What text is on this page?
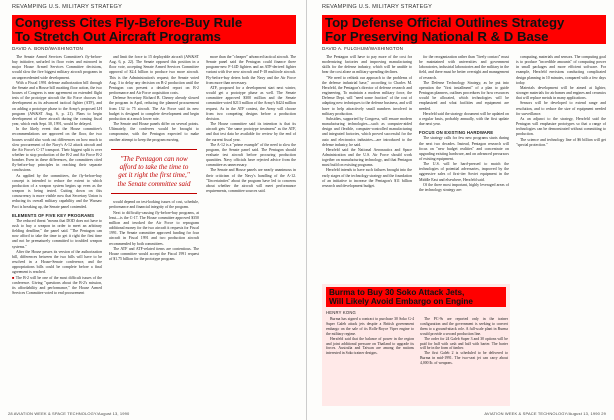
REVAMPING U.S. MILITARY STRATEGY
Congress Cites Fly-Before-Buy Rule
To Stretch Out Aircraft Programs
DAVID A. BOND/WASHINGTON

The Senate Armed Services Committee's fly-before-buy initiative, unfurled in floor votes and mirrored in major House Armed Services Committee decisions, would slow the five biggest military aircraft programs in an unprecedented wide development.

With a Fiscal 1991 defense authorization bill through the Senate and a House bill awaiting floor action, the two houses of Congress is near agreement on extended flight tests of the prototype aircraft the Air Force chooses for development as its advanced tactical fighter (ATF), and on adding a prototype phase to the Army's proposed LH program (AW&ST Aug. 6, p. 21). Plans to begin development of three aircraft during the coming fiscal year, which ends Sept. 30, 1991, would be delayed.

In the likely event that the House committee's recommendations are approved on the floor, the two houses would also work out differences on how much to slow procurement of the Navy's A-12 attack aircraft and the Air Force's C-17 transport. Their biggest split is over whether to stop production of the B-2 and Air Force B-2 bomber. Even in these differences, the committees cited fly-before-buy principles in reaching their separate conclusions.

As applied by the committees, the fly-before-buy concept is intended to reduce the extent to which production of a weapon system begins up even as the weapon is being tested. Cutting down on this concurrency is more visible now that Secretary Union is reducing its overall military capability and the Warsaw Pact is breaking up, the Senate panel contended.

ELEMENTS OF FIVE KEY PROGRAMS

The reduced threat "means that DOD does not have to rush to buy a weapon in order to meet an arbitrary fielding deadline," the panel said. "The Pentagon can now afford to take the time to get it right the first time and not be prematurely committed to troubled weapon systems."

After the House passes its version of the authorization bill, differences between the two bills will have to be resolved in a House-Senate conference, and the appropriations bills could be complete before a final agreement is reached.

■ The B-2 will be one of the most difficult issues of the conference. Giving "questions about the B-2's mission, its affordability and performance," the House Armed Services Committee voted to end procurement

and limit the force to 15 deployable aircraft (AW&ST Aug. 6, p. 22). The Senate opposed this position in a floor vote, accepting Senate Armed Services Committee approval of $2.4 billion to produce two more aircraft. This is the Administration's request; the Senate voted Aug. 3 to delay any decision on B-2 production until the Pentagon can present a detailed report on B-2 performance and Air Force acquisition costs.

Defense Secretary Richard B. Cheney already slowed the program in April, reducing the planned procurement from 132 to 75 aircraft. The Air Force said its new budget is designed to complete development and begin production at a much lower rate.

The Senate and House panels differ on several points. Ultimately, the conferees would be brought to compromise, with the Pentagon expected to make another attempt to keep the program moving.

"The Pentagon can now afford to take the time to get it right the first time," the Senate committee said

would depend on test-looking issues of cost, schedule, performance and financial integrity of the program.

Next to difficulty-causing fly-before-buy programs, at least—is the C-17. The House committee approved $350 million and invoked the Air Force to reprogram additional money for the two aircraft it requests for Fiscal 1991. The Senate committee approved funding for four aircraft in Fiscal 1991 and two production aircraft recommended by both committees.

The ATF and ATF-related items are contentious. The House committee would accept the Fiscal 1991 request of $1.75 billion for the prototype program.

more than the "cheaper" advanced tactical aircraft. The Senate panel said the Pentagon could finance three program-new F-14D fighters and an ATF-derived fighter variant with five new aircraft and F-18 multirole aircraft. Fly-before-buy deters both the Navy and the Air Force from more than necessary.

ATF, proposed for a development start next winter, would get a prototype phase as well. The Senate committee approved $300 million and the Senate committee voted $213 million of the Army's $424 million request. As in the ATF contest, the Army will choose from two competing designs before a production decision.

The House committee said its intention is that its aircraft gets "the same prototype treatment" as the ATF, and that test data be available for review by the end of the current fiscal year.

The A-12 is a "prime example" of the need to slow the program, the Senate panel said. The Pentagon should evaluate test aircraft before procuring production quantities. Navy officials have rejected advice from the committee as unnecessary.

The Senate and House panels are nearly unanimous in their criticism of the Navy's handling of the A-12. "Uncertainties" about the program have led to concerns about whether the aircraft will meet performance requirements, committee sources said.

28 AVIATION WEEK & SPACE TECHNOLOGY/August 13, 1990
REVAMPING U.S. MILITARY STRATEGY
Top Defense Official Outlines Strategy
For Preserving National R & D Base
DAVID A. FULGHUM/WASHINGTON

The Pentagon will have to pay more of the cost for modernizing factories and improving manufacturing skills for the defense industry, which will be unable to bear the cost alone as military spending declines.

"We need to rethink our approach to the problems of the defense industrial base," according to Charles M. Herzfeld, the Pentagon's director of defense research and engineering. To maintain a modern military force, the Defense Dept. will "need some fraction" of the cost of adapting new techniques to the defense business, and will have to help attractively small numbers involved in military production.

Subsidies, supported by Congress, will ensure modern manufacturing technologies—such as computer-aided design and flexible, computer-controlled manufacturing and integrated factories, which proved successful for the auto and electronics industries—are introduced to the defense industry, he said.

Herzfeld said the National Aeronautics and Space Administration and the U.S. Air Force should work together on manufacturing technology, and that Pentagon must build on existing programs.

Herzfeld intends to have such failures brought into the early stages of the technology strategy and the foundation of an initiative to increase the Pentagon's $11 billion research and development budget.

for the reorganization rather than "lively contact" must be maintained with universities and government laboratories, industrial laboratories and the military in the field, and there must be better oversight and management of research.

The Defense Technology Strategy, as he put into operation the "first installment" of a plan to guide Pentagon planners, outlines procedures for how resources would be allocated, which technologies will be emphasized and what facilities and equipment are needed.

Herzfeld said the strategy document will be updated on a regular basis, probably annually, with the first update due next year.

FOCUS ON EXISTING HARDWARE

The strategy calls for few new programs starts during the next two decades. Instead, Pentagon research will focus on "new budget realities" and concentrate on upgrading existing hardware, and on advanced precursors of existing equipment.

The U.S. will be hard-pressed to match the technologies of potential adversaries, improved by the aggressive sales of first-tier Soviet equipment in the Middle East and elsewhere, Herzfeld said.

Of the three most important, highly leveraged areas of the technology strategy are:

computing, materials and sensors. The computing goal is to produce "incredible amounts" of computing power in small packages and more efficient software. For example, Herzfeld envisions conducting complicated design planning in 10 minutes, compared with a few days today.

Materials development will be aimed at lighter, stronger materials for airframes and engines and ceramics that will replace metals in many applications.

Sensors will be developed to extend range and resolution, and to reduce the size of equipment needed for surveillance.

As an adjunct to the strategy, Herzfeld said the Pentagon will emphasize prototypes so that a range of technologies can be demonstrated without committing to production.

The science and technology line of $6 billion will get "special protection."

Burma to Buy 30 Soko Attack Jets,
Will Likely Avoid Embargo on Engine
HENRY KONG

Burma has signed a contract to purchase 30 Soko G-4 Super Galeb attack jets despite a British government embargo on the sale of its Rolls-Royce Viper engine to the military regime.

Herzfeld said that the balance of power in the region and joint additional pressure on Thailand to upgrade its forces. Australia and Taiwan are among the nations interested in Soko trainer designs.

The PC-9s are reported only in the trainer configuration and the government is seeking to convert them to a ground-attack role. A full-scale plant in Burma would provide a second production line.

The order for 24 Galeb Super 3 and 30 options will be paid for half with cash and half with barter. The barter will be in the form of timber.

The first Galeb 2 is scheduled to be delivered to Burma in mid-1991. The two-seat jet can carry about 4,000 lb. of weapons.

AVIATION WEEK & SPACE TECHNOLOGY/August 13, 1990 29
